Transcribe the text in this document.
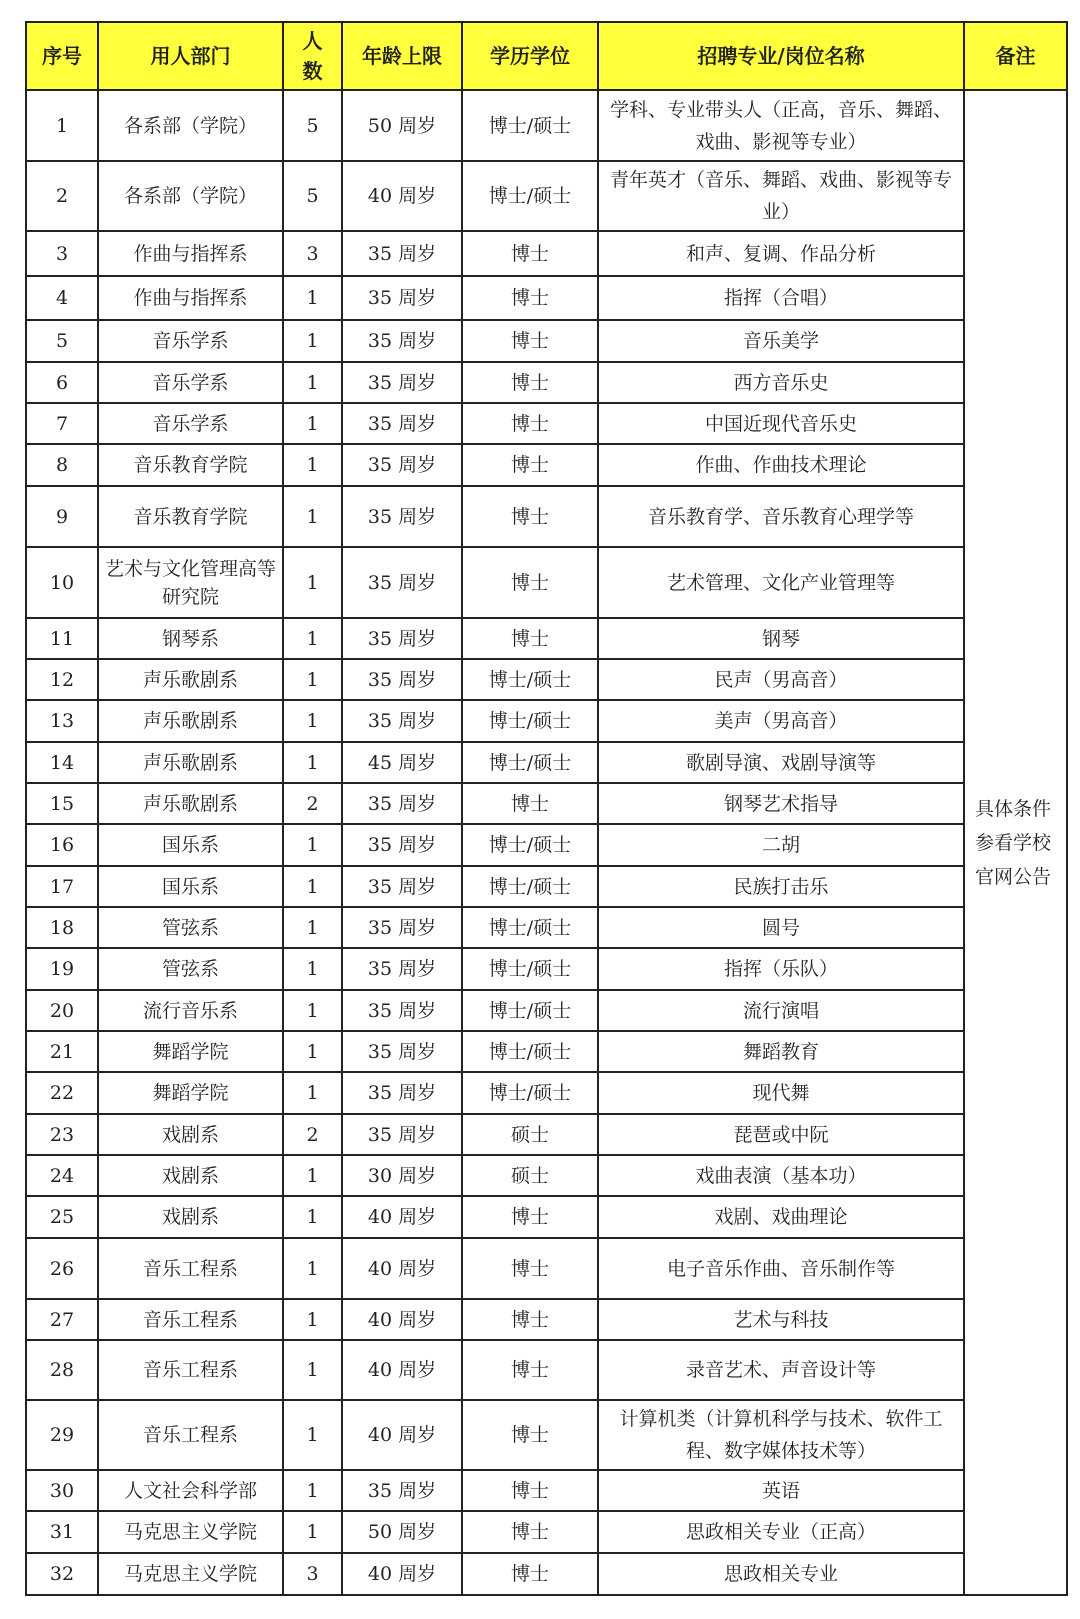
序号	用人部门	人数	年龄上限	学历学位	招聘专业/岗位名称	备注
1	各系部（学院）	5	50 周岁	博士/硕士	学科、专业带头人（正高，音乐、舞蹈、戏曲、影视等专业）	具体条件参看学校官网公告
2	各系部（学院）	5	40 周岁	博士/硕士	青年英才（音乐、舞蹈、戏曲、影视等专业）	
3	作曲与指挥系	3	35 周岁	博士	和声、复调、作品分析	
4	作曲与指挥系	1	35 周岁	博士	指挥（合唱）	
5	音乐学系	1	35 周岁	博士	音乐美学	
6	音乐学系	1	35 周岁	博士	西方音乐史	
7	音乐学系	1	35 周岁	博士	中国近现代音乐史	
8	音乐教育学院	1	35 周岁	博士	作曲、作曲技术理论	
9	音乐教育学院	1	35 周岁	博士	音乐教育学、音乐教育心理学等	
10	艺术与文化管理高等研究院	1	35 周岁	博士	艺术管理、文化产业管理等	
11	钢琴系	1	35 周岁	博士	钢琴	
12	声乐歌剧系	1	35 周岁	博士/硕士	民声（男高音）	
13	声乐歌剧系	1	35 周岁	博士/硕士	美声（男高音）	
14	声乐歌剧系	1	45 周岁	博士/硕士	歌剧导演、戏剧导演等	
15	声乐歌剧系	2	35 周岁	博士	钢琴艺术指导	
16	国乐系	1	35 周岁	博士/硕士	二胡	
17	国乐系	1	35 周岁	博士/硕士	民族打击乐	
18	管弦系	1	35 周岁	博士/硕士	圆号	
19	管弦系	1	35 周岁	博士/硕士	指挥（乐队）	
20	流行音乐系	1	35 周岁	博士/硕士	流行演唱	
21	舞蹈学院	1	35 周岁	博士/硕士	舞蹈教育	
22	舞蹈学院	1	35 周岁	博士/硕士	现代舞	
23	戏剧系	2	35 周岁	硕士	琵琶或中阮	
24	戏剧系	1	30 周岁	硕士	戏曲表演（基本功）	
25	戏剧系	1	40 周岁	博士	戏剧、戏曲理论	
26	音乐工程系	1	40 周岁	博士	电子音乐作曲、音乐制作等	
27	音乐工程系	1	40 周岁	博士	艺术与科技	
28	音乐工程系	1	40 周岁	博士	录音艺术、声音设计等	
29	音乐工程系	1	40 周岁	博士	计算机类（计算机科学与技术、软件工程、数字媒体技术等）	
30	人文社会科学部	1	35 周岁	博士	英语	
31	马克思主义学院	1	50 周岁	博士	思政相关专业（正高）	
32	马克思主义学院	3	40 周岁	博士	思政相关专业	
